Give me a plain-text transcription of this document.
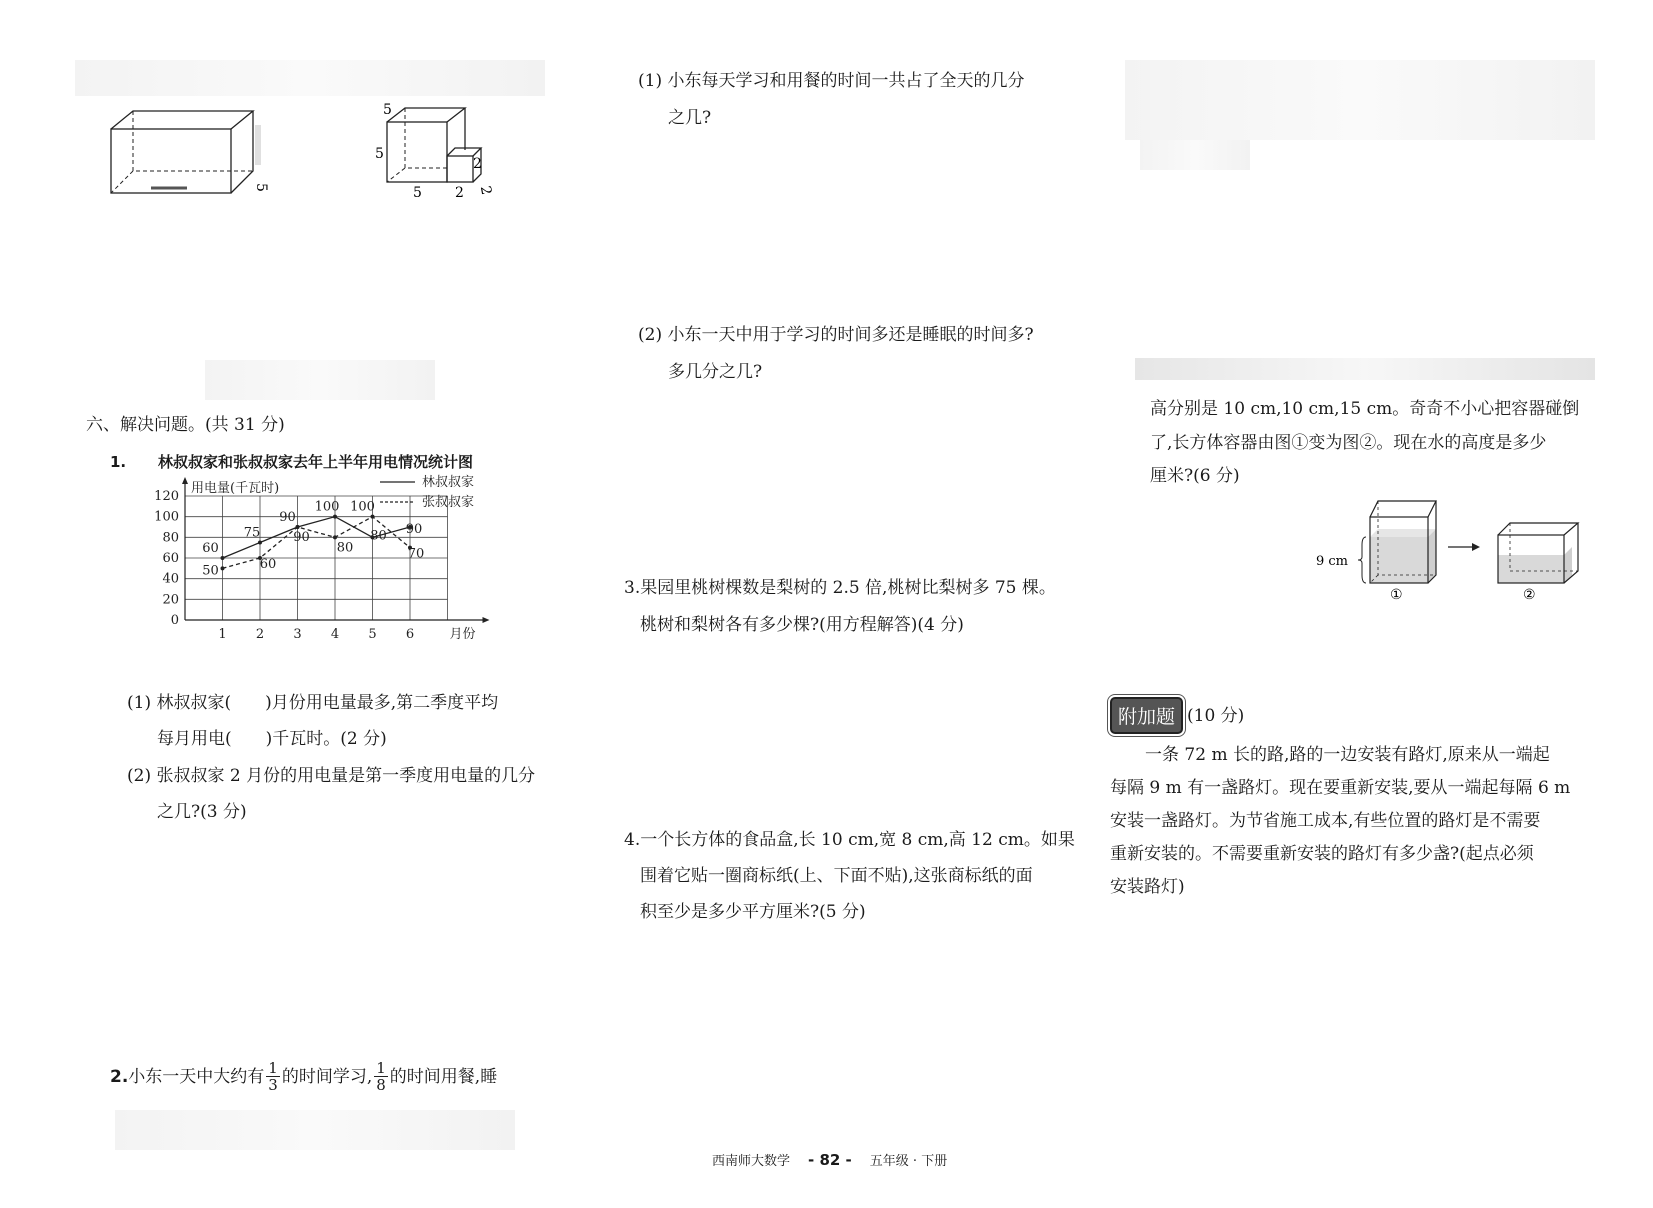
5
5
5
5 2
2
2
六、解决问题。(共 31 分)
1. 林叔叔家和张叔叔家去年上半年用电情况统计图
0
20
40
60
80
100
120
1 2 3 4 5 6
用电量(千瓦时)
月份
林叔叔家
张叔叔家
60
75
90
100
80 90
50	60
90
80
100
70
(1) 林叔叔家(　　)月份用电量最多,第二季度平均
每月用电(　　)千瓦时。(2 分)
(2) 张叔叔家 2 月份的用电量是第一季度用电量的几分
之几?(3 分)
2. 小东一天中大约有 $\frac{1}{3}$ 的时间学习, $\frac{1}{8}$ 的时间用餐,睡
(1) 小东每天学习和用餐的时间一共占了全天的几分
之几?
(2) 小东一天中用于学习的时间多还是睡眠的时间多?
多几分之几?
3.果园里桃树棵数是梨树的 2.5 倍,桃树比梨树多 75 棵。
桃树和梨树各有多少棵?(用方程解答)(4 分)
4.一个长方体的食品盒,长 10 cm,宽 8 cm,高 12 cm。如果
围着它贴一圈商标纸(上、下面不贴),这张商标纸的面
积至少是多少平方厘米?(5 分)
高分别是 10 cm,10 cm,15 cm。奇奇不小心把容器碰倒
了,长方体容器由图①变为图②。现在水的高度是多少
厘米?(6 分)
9 cm
①	②
附加题 (10 分)
一条 72 m 长的路,路的一边安装有路灯,原来从一端起
每隔 9 m 有一盏路灯。现在要重新安装,要从一端起每隔 6 m
安装一盏路灯。为节省施工成本,有些位置的路灯是不需要
重新安装的。不需要重新安装的路灯有多少盏?(起点必须
安装路灯)
西南师大数学 - 82 - 五年级 · 下册
